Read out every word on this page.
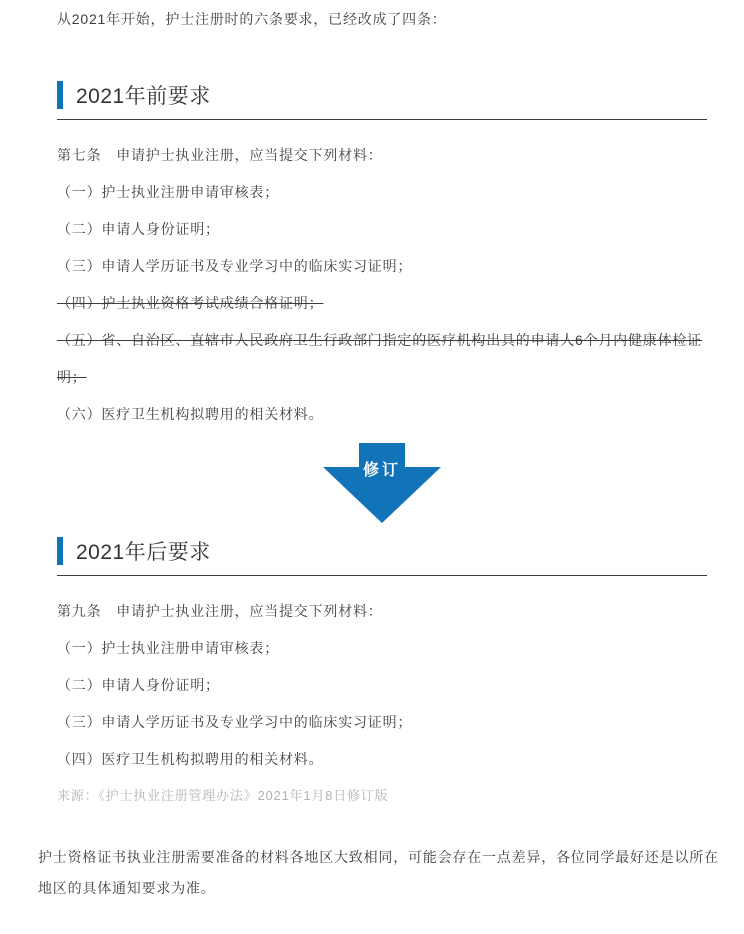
从2021年开始，护士注册时的六条要求，已经改成了四条：

2021年前要求
第七条　申请护士执业注册，应当提交下列材料：
（一）护士执业注册申请审核表；
（二）申请人身份证明；
（三）申请人学历证书及专业学习中的临床实习证明；
（四）护士执业资格考试成绩合格证明；
（五）省、自治区、直辖市人民政府卫生行政部门指定的医疗机构出具的申请人6个月内健康体检证明；
（六）医疗卫生机构拟聘用的相关材料。
修订
2021年后要求
第九条　申请护士执业注册，应当提交下列材料：
（一）护士执业注册申请审核表；
（二）申请人身份证明；
（三）申请人学历证书及专业学习中的临床实习证明；
（四）医疗卫生机构拟聘用的相关材料。
来源：《护士执业注册管理办法》2021年1月8日修订版

护士资格证书执业注册需要准备的材料各地区大致相同，可能会存在一点差异，各位同学最好还是以所在地区的具体通知要求为准。
